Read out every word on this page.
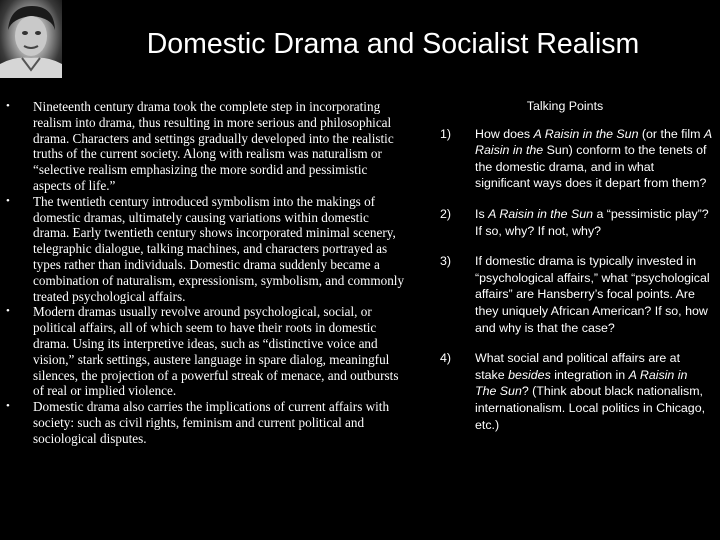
Domestic Drama and Socialist Realism
•	Nineteenth century drama took the complete step in incorporating realism into drama, thus resulting in more serious and philosophical drama. Characters and settings gradually developed into the realistic truths of the current society. Along with realism was naturalism or “selective realism emphasizing the more sordid and pessimistic aspects of life.”
•	The twentieth century introduced symbolism into the makings of domestic dramas, ultimately causing variations within domestic drama. Early twentieth century shows incorporated minimal scenery, telegraphic dialogue, talking machines, and characters portrayed as types rather than individuals. Domestic drama suddenly became a combination of naturalism, expressionism, symbolism, and commonly treated psychological affairs.
•	Modern dramas usually revolve around psychological, social, or political affairs, all of which seem to have their roots in domestic drama. Using its interpretive ideas, such as “distinctive voice and vision,” stark settings, austere language in spare dialog, meaningful silences, the projection of a powerful streak of menace, and outbursts of real or implied violence.
•	Domestic drama also carries the implications of current affairs with society: such as civil rights, feminism and current political and sociological disputes.
Talking Points
1)	How does A Raisin in the Sun (or the film A Raisin in the Sun) conform to the tenets of the domestic drama, and in what significant ways does it depart from them?
2)	Is A Raisin in the Sun a “pessimistic play”? If so, why? If not, why?
3)	If domestic drama is typically invested in “psychological affairs,” what “psychological affairs” are Hansberry’s focal points. Are they uniquely African American? If so, how and why is that the case?
4)	What social and political affairs are at stake besides integration in A Raisin in The Sun? (Think about black nationalism, internationalism. Local politics in Chicago, etc.)
